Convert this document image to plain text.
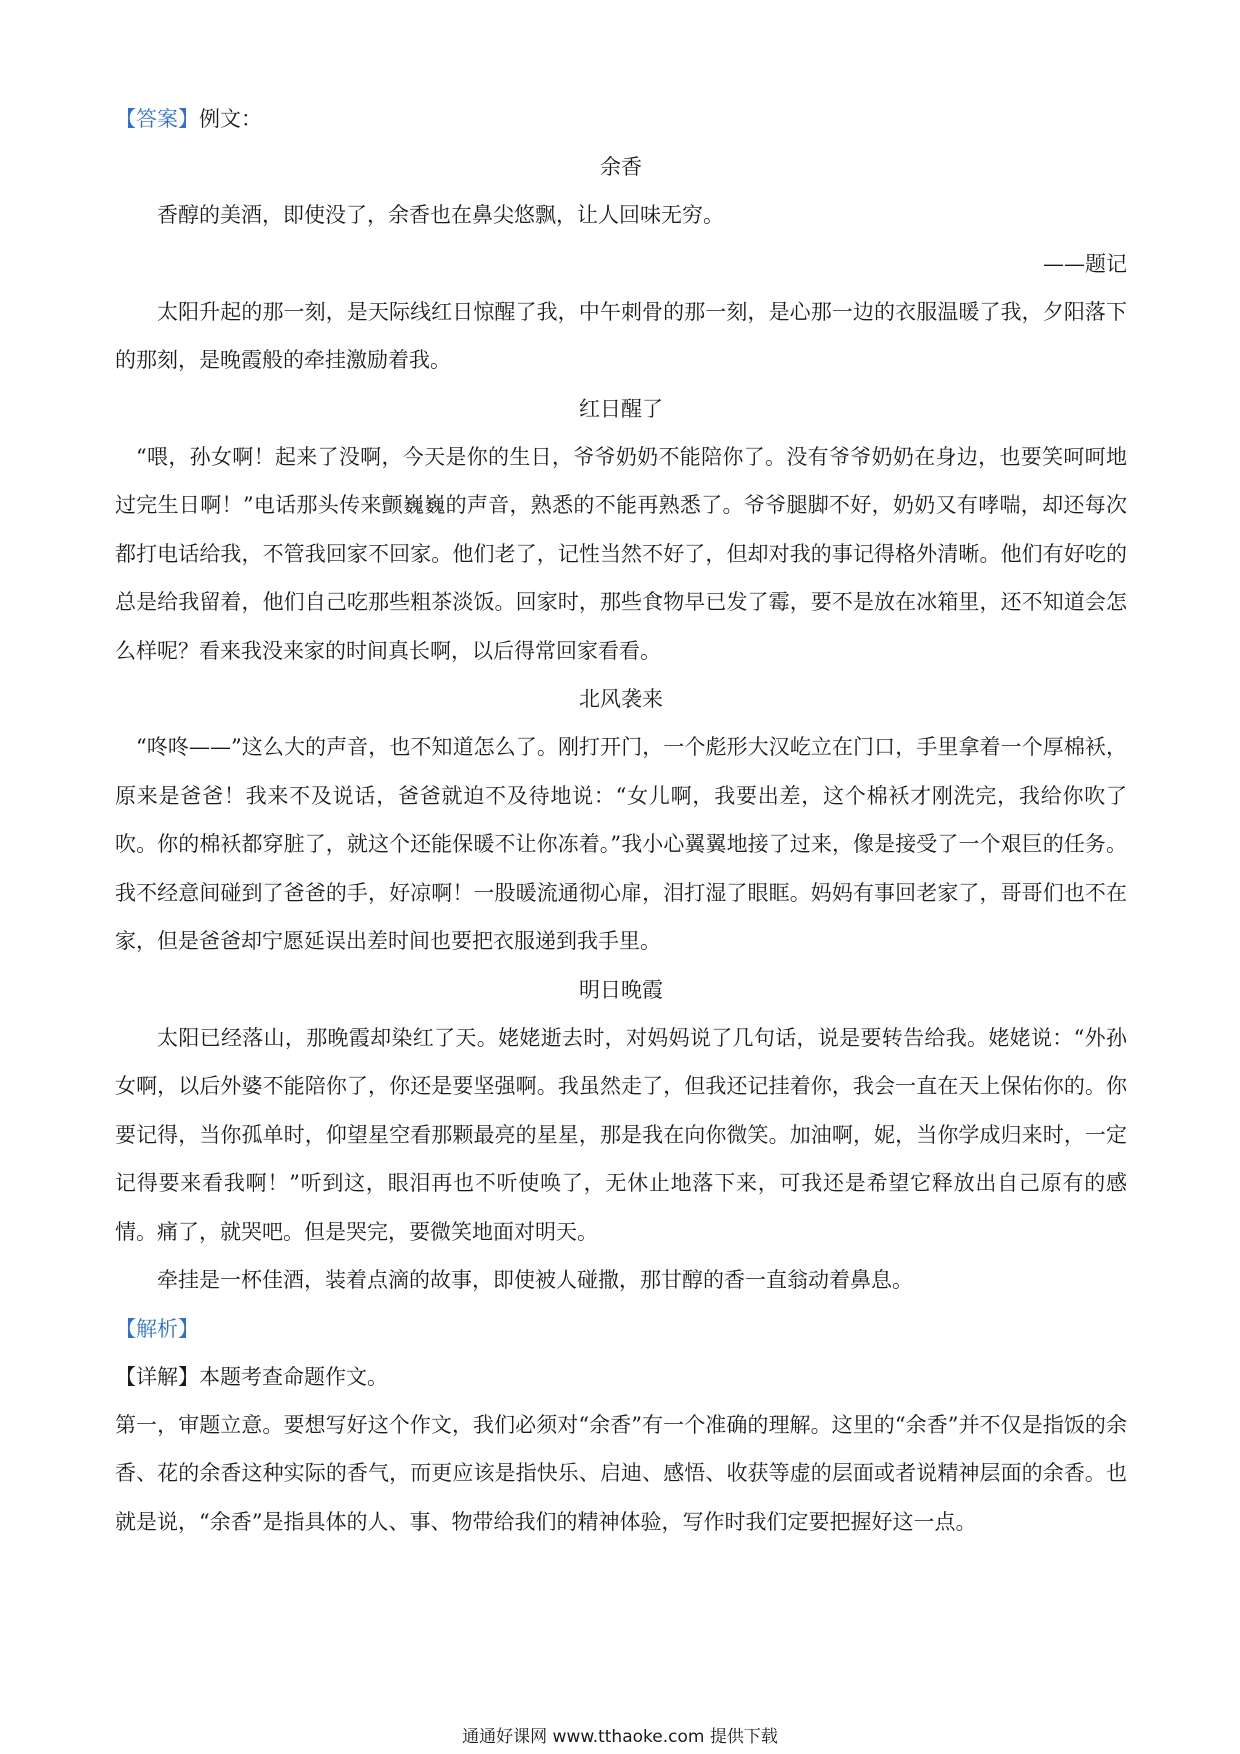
【答案】例文：

余香

香醇的美酒，即使没了，余香也在鼻尖悠飘，让人回味无穷。

——题记

太阳升起的那一刻，是天际线红日惊醒了我，中午刺骨的那一刻，是心那一边的衣服温暖了我，夕阳落下的那刻，是晚霞般的牵挂激励着我。

红日醒了

“喂，孙女啊！起来了没啊，今天是你的生日，爷爷奶奶不能陪你了。没有爷爷奶奶在身边，也要笑呵呵地过完生日啊！”电话那头传来颤巍巍的声音，熟悉的不能再熟悉了。爷爷腿脚不好，奶奶又有哮喘，却还每次都打电话给我，不管我回家不回家。他们老了，记性当然不好了，但却对我的事记得格外清晰。他们有好吃的总是给我留着，他们自己吃那些粗茶淡饭。回家时，那些食物早已发了霉，要不是放在冰箱里，还不知道会怎么样呢？看来我没来家的时间真长啊，以后得常回家看看。

北风袭来

“咚咚——”这么大的声音，也不知道怎么了。刚打开门，一个彪形大汉屹立在门口，手里拿着一个厚棉袄，原来是爸爸！我来不及说话，爸爸就迫不及待地说：“女儿啊，我要出差，这个棉袄才刚洗完，我给你吹了吹。你的棉袄都穿脏了，就这个还能保暖不让你冻着。”我小心翼翼地接了过来，像是接受了一个艰巨的任务。我不经意间碰到了爸爸的手，好凉啊！一股暖流通彻心扉，泪打湿了眼眶。妈妈有事回老家了，哥哥们也不在家，但是爸爸却宁愿延误出差时间也要把衣服递到我手里。

明日晚霞

太阳已经落山，那晚霞却染红了天。姥姥逝去时，对妈妈说了几句话，说是要转告给我。姥姥说：“外孙女啊，以后外婆不能陪你了，你还是要坚强啊。我虽然走了，但我还记挂着你，我会一直在天上保佑你的。你要记得，当你孤单时，仰望星空看那颗最亮的星星，那是我在向你微笑。加油啊，妮，当你学成归来时，一定记得要来看我啊！”听到这，眼泪再也不听使唤了，无休止地落下来，可我还是希望它释放出自己原有的感情。痛了，就哭吧。但是哭完，要微笑地面对明天。

牵挂是一杯佳酒，装着点滴的故事，即使被人碰撒，那甘醇的香一直翁动着鼻息。

【解析】

【详解】本题考查命题作文。

第一，审题立意。要想写好这个作文，我们必须对“余香”有一个准确的理解。这里的“余香”并不仅是指饭的余香、花的余香这种实际的香气，而更应该是指快乐、启迪、感悟、收获等虚的层面或者说精神层面的余香。也就是说，“余香”是指具体的人、事、物带给我们的精神体验，写作时我们定要把握好这一点。

通通好课网 www.tthaoke.com 提供下载
